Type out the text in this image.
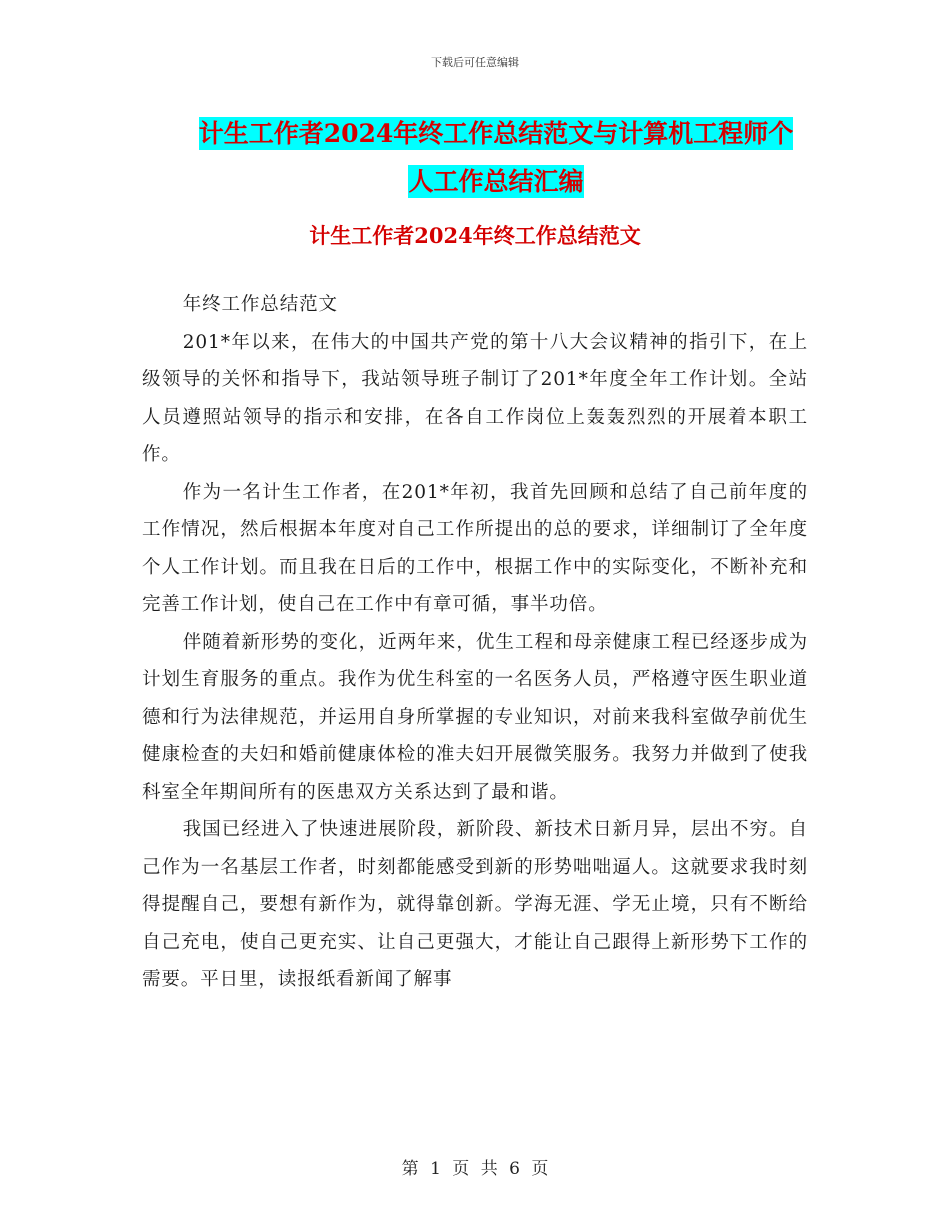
下载后可任意编辑
计生工作者2024年终工作总结范文与计算机工程师个
人工作总结汇编
计生工作者2024年终工作总结范文

年终工作总结范文

201*年以来，在伟大的中国共产党的第十八大会议精神的指引下，在上级领导的关怀和指导下，我站领导班子制订了201*年度全年工作计划。全站人员遵照站领导的指示和安排，在各自工作岗位上轰轰烈烈的开展着本职工作。

作为一名计生工作者，在201*年初，我首先回顾和总结了自己前年度的工作情况，然后根据本年度对自己工作所提出的总的要求，详细制订了全年度个人工作计划。而且我在日后的工作中，根据工作中的实际变化，不断补充和完善工作计划，使自己在工作中有章可循，事半功倍。

伴随着新形势的变化，近两年来，优生工程和母亲健康工程已经逐步成为计划生育服务的重点。我作为优生科室的一名医务人员，严格遵守医生职业道德和行为法律规范，并运用自身所掌握的专业知识，对前来我科室做孕前优生健康检查的夫妇和婚前健康体检的准夫妇开展微笑服务。我努力并做到了使我科室全年期间所有的医患双方关系达到了最和谐。

我国已经进入了快速进展阶段，新阶段、新技术日新月异，层出不穷。自己作为一名基层工作者，时刻都能感受到新的形势咄咄逼人。这就要求我时刻得提醒自己，要想有新作为，就得靠创新。学海无涯、学无止境，只有不断给自己充电，使自己更充实、让自己更强大，才能让自己跟得上新形势下工作的需要。平日里，读报纸看新闻了解事

第 1 页 共 6 页
